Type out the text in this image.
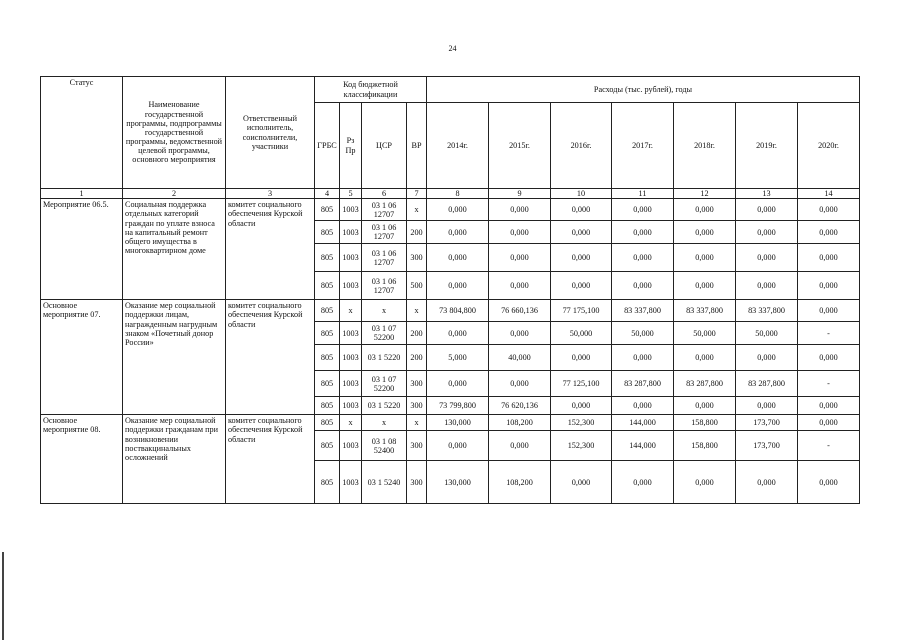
24
Статус	Наименование государственной программы, подпрограммы государственной программы, ведомственной целевой программы, основного мероприятия	Ответственный исполнитель, соисполнители, участники	Код бюджетной классификации				Расходы (тыс. рублей), годы						
			ГРБС	Рз Пр	ЦСР	ВР	2014г.	2015г.	2016г.	2017г.	2018г.	2019г.	2020г.
1	2	3	4	5	6	7	8	9	10	11	12	13	14
Мероприятие 06.5.	Социальная поддержка отдельных категорий граждан по уплате взноса на капитальный ремонт общего имущества в многоквартирном доме	комитет социального обеспечения Курской области	805	1003	03 1 06 12707	х	0,000	0,000	0,000	0,000	0,000	0,000	0,000
			805	1003	03 1 06 12707	200	0,000	0,000	0,000	0,000	0,000	0,000	0,000
			805	1003	03 1 06 12707	300	0,000	0,000	0,000	0,000	0,000	0,000	0,000
			805	1003	03 1 06 12707	500	0,000	0,000	0,000	0,000	0,000	0,000	0,000
Основное мероприятие 07.	Оказание мер социальной поддержки лицам, награжденным нагрудным знаком «Почетный донор России»	комитет социального обеспечения Курской области	805	х	х	х	73 804,800	76 660,136	77 175,100	83 337,800	83 337,800	83 337,800	0,000
			805	1003	03 1 07 52200	200	0,000	0,000	50,000	50,000	50,000	50,000	-
			805	1003	03 1 5220	200	5,000	40,000	0,000	0,000	0,000	0,000	0,000
			805	1003	03 1 07 52200	300	0,000	0,000	77 125,100	83 287,800	83 287,800	83 287,800	-
			805	1003	03 1 5220	300	73 799,800	76 620,136	0,000	0,000	0,000	0,000	0,000
Основное мероприятие 08.	Оказание мер социальной поддержки гражданам при возникновении поствакцинальных осложнений	комитет социального обеспечения Курской области	805	х	х	х	130,000	108,200	152,300	144,000	158,800	173,700	0,000
			805	1003	03 1 08 52400	300	0,000	0,000	152,300	144,000	158,800	173,700	-
			805	1003	03 1 5240	300	130,000	108,200	0,000	0,000	0,000	0,000	0,000
